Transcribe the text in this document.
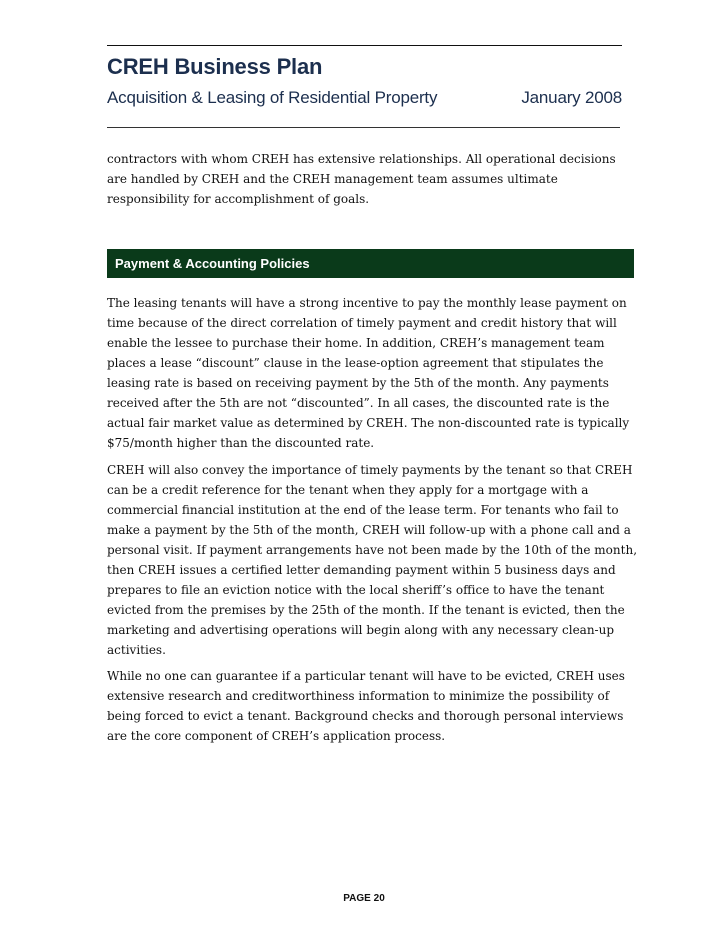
CREH Business Plan
Acquisition & Leasing of Residential Property	January 2008

contractors with whom CREH has extensive relationships. All operational decisions
are handled by CREH and the CREH management team assumes ultimate
responsibility for accomplishment of goals.

Payment & Accounting Policies

The leasing tenants will have a strong incentive to pay the monthly lease payment on
time because of the direct correlation of timely payment and credit history that will
enable the lessee to purchase their home. In addition, CREH’s management team
places a lease “discount” clause in the lease-option agreement that stipulates the
leasing rate is based on receiving payment by the 5th of the month. Any payments
received after the 5th are not “discounted”. In all cases, the discounted rate is the
actual fair market value as determined by CREH. The non-discounted rate is typically
$75/month higher than the discounted rate.

CREH will also convey the importance of timely payments by the tenant so that CREH
can be a credit reference for the tenant when they apply for a mortgage with a
commercial financial institution at the end of the lease term. For tenants who fail to
make a payment by the 5th of the month, CREH will follow-up with a phone call and a
personal visit. If payment arrangements have not been made by the 10th of the month,
then CREH issues a certified letter demanding payment within 5 business days and
prepares to file an eviction notice with the local sheriff’s office to have the tenant
evicted from the premises by the 25th of the month. If the tenant is evicted, then the
marketing and advertising operations will begin along with any necessary clean-up
activities.

While no one can guarantee if a particular tenant will have to be evicted, CREH uses
extensive research and creditworthiness information to minimize the possibility of
being forced to evict a tenant. Background checks and thorough personal interviews
are the core component of CREH’s application process.

PAGE 20
